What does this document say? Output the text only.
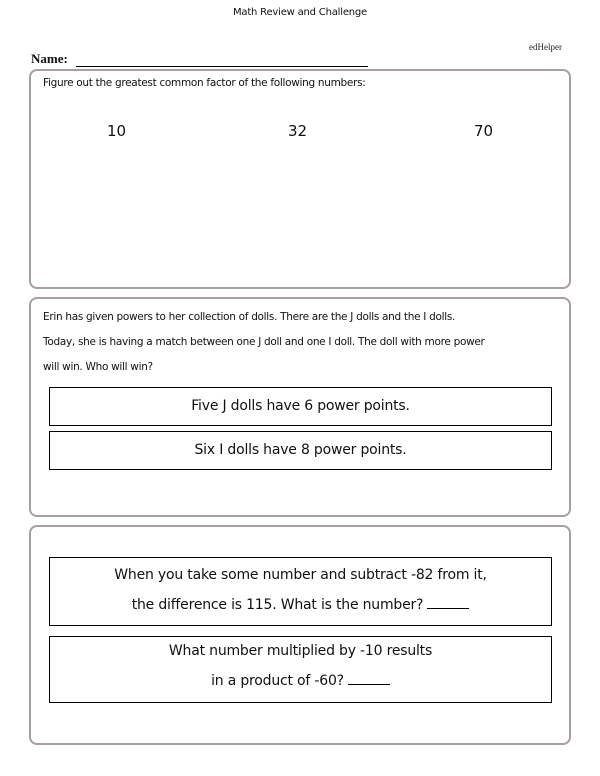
Math Review and Challenge
edHelper
Name:
Figure out the greatest common factor of the following numbers:
10	32	70
Erin has given powers to her collection of dolls. There are the J dolls and the I dolls.
Today, she is having a match between one J doll and one I doll. The doll with more power
will win. Who will win?
Five J dolls have 6 power points.
Six I dolls have 8 power points.
When you take some number and subtract -82 from it,
the difference is 115. What is the number?
What number multiplied by -10 results
in a product of -60?
